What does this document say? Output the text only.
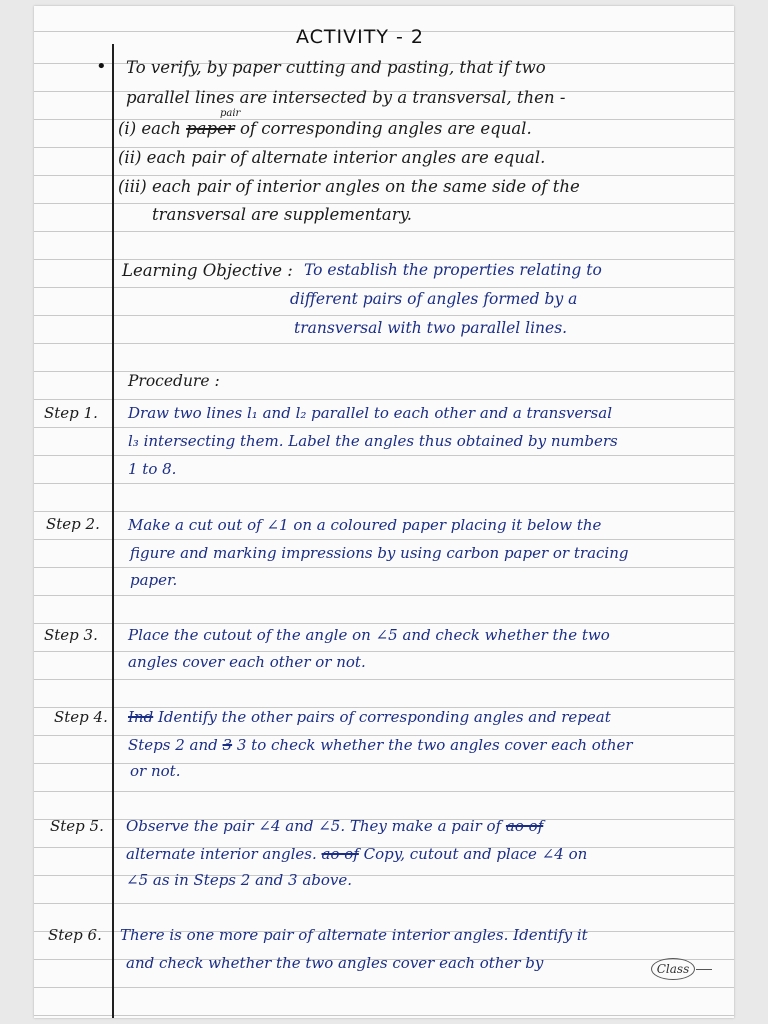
ACTIVITY - 2
• To verify, by paper cutting and pasting, that if two
parallel lines are intersected by a transversal, then -
(i) each paper of corresponding angles are equal.
pair
(ii) each pair of alternate interior angles are equal.
(iii) each pair of interior angles on the same side of the
transversal are supplementary.
Learning Objective : To establish the properties relating to
different pairs of angles formed by a
transversal with two parallel lines.
Procedure :
Step 1. Draw two lines l₁ and l₂ parallel to each other and a transversal
l₃ intersecting them. Label the angles thus obtained by numbers
1 to 8.
Step 2. Make a cut out of ∠1 on a coloured paper placing it below the
figure and marking impressions by using carbon paper or tracing
paper.
Step 3. Place the cutout of the angle on ∠5 and check whether the two
angles cover each other or not.
Step 4. Ind Identify the other pairs of corresponding angles and repeat
Steps 2 and 3 3 to check whether the two angles cover each other
or not.
Step 5. Observe the pair ∠4 and ∠5. They make a pair of ao of
alternate interior angles. ao of Copy, cutout and place ∠4 on
∠5 as in Steps 2 and 3 above.
Step 6. There is one more pair of alternate interior angles. Identify it
and check whether the two angles cover each other by	Class
